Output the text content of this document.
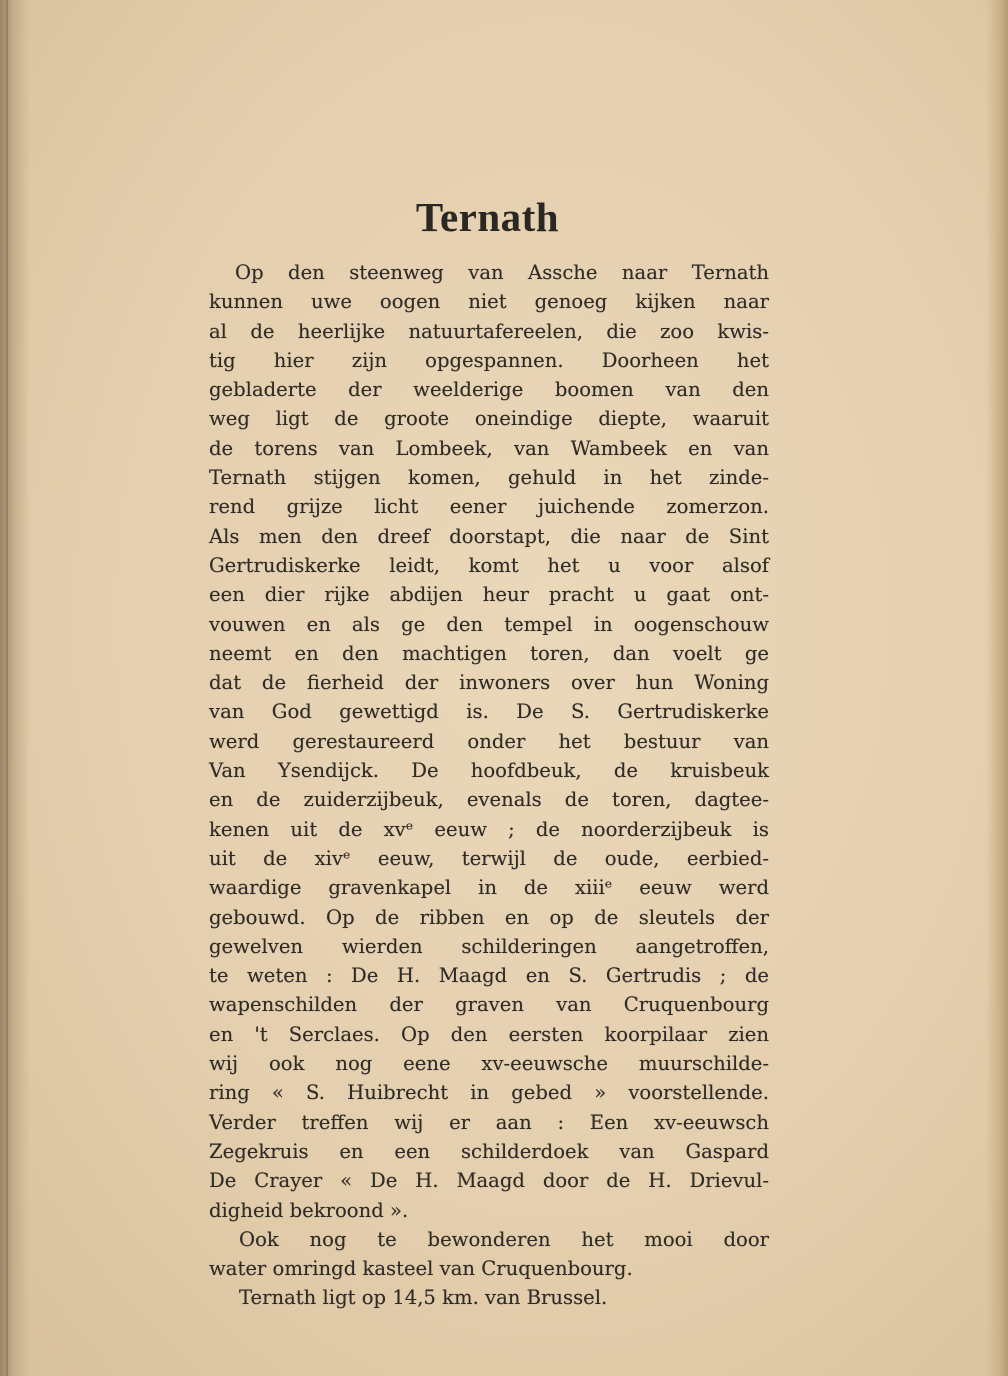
Ternath
Op den steenweg van Assche naar Ternath
kunnen uwe oogen niet genoeg kijken naar
al de heerlijke natuurtafereelen, die zoo kwis-
tig hier zijn opgespannen. Doorheen het
gebladerte der weelderige boomen van den
weg ligt de groote oneindige diepte, waaruit
de torens van Lombeek, van Wambeek en van
Ternath stijgen komen, gehuld in het zinde-
rend grijze licht eener juichende zomerzon.
Als men den dreef doorstapt, die naar de Sint
Gertrudiskerke leidt, komt het u voor alsof
een dier rijke abdijen heur pracht u gaat ont-
vouwen en als ge den tempel in oogenschouw
neemt en den machtigen toren, dan voelt ge
dat de fierheid der inwoners over hun Woning
van God gewettigd is. De S. Gertrudiskerke
werd gerestaureerd onder het bestuur van
Van Ysendijck. De hoofdbeuk, de kruisbeuk
en de zuiderzijbeuk, evenals de toren, dagtee-
kenen uit de xvᵉ eeuw ; de noorderzijbeuk is
uit de xivᵉ eeuw, terwijl de oude, eerbied-
waardige gravenkapel in de xiiiᵉ eeuw werd
gebouwd. Op de ribben en op de sleutels der
gewelven wierden schilderingen aangetroffen,
te weten : De H. Maagd en S. Gertrudis ; de
wapenschilden der graven van Cruquenbourg
en 't Serclaes. Op den eersten koorpilaar zien
wij ook nog eene xv-eeuwsche muurschilde-
ring « S. Huibrecht in gebed » voorstellende.
Verder treffen wij er aan : Een xv-eeuwsch
Zegekruis en een schilderdoek van Gaspard
De Crayer « De H. Maagd door de H. Drievul-
digheid bekroond ».
Ook nog te bewonderen het mooi door
water omringd kasteel van Cruquenbourg.
Ternath ligt op 14,5 km. van Brussel.
